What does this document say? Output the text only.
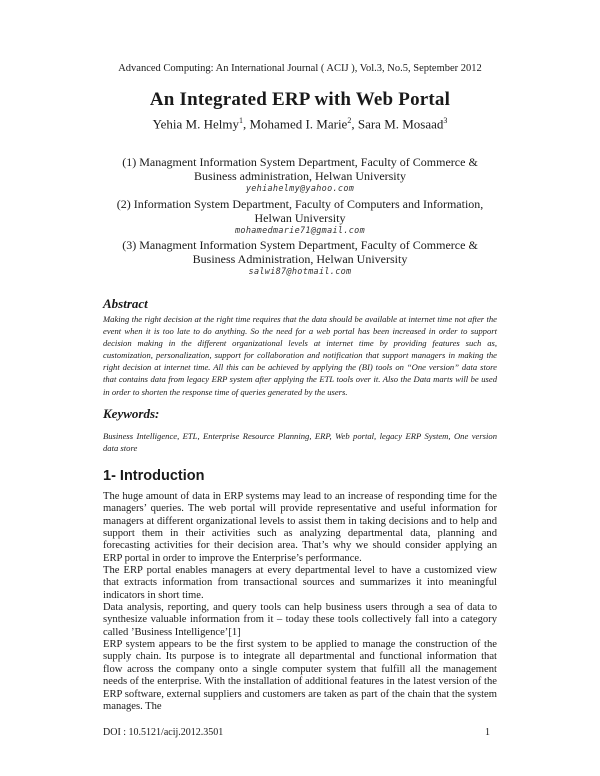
Advanced Computing: An International Journal ( ACIJ ), Vol.3, No.5, September 2012
An Integrated ERP with Web Portal
Yehia M. Helmy$^1$, Mohamed I. Marie$^2$, Sara M. Mosaad$^3$
(1) Managment Information System Department, Faculty of Commerce &
Business administration, Helwan University
yehiahelmy@yahoo.com
(2) Information System Department, Faculty of Computers and Information,
Helwan University
mohamedmarie71@gmail.com
(3) Managment Information System Department, Faculty of Commerce &
Business Administration, Helwan University
salwi87@hotmail.com
Abstract
Making the right decision at the right time requires that the data should be available at internet time not after the event when it is too late to do anything. So the need for a web portal has been increased in order to support decision making in the different organizational levels at internet time by providing features such as, customization, personalization, support for collaboration and notification that support managers in making the right decision at internet time. All this can be achieved by applying the (BI) tools on “One version” data store that contains data from legacy ERP system after applying the ETL tools over it. Also the Data marts will be used in order to shorten the response time of queries generated by the users.
Keywords:
Business Intelligence, ETL, Enterprise Resource Planning, ERP, Web portal, legacy ERP System, One version data store
1- Introduction

The huge amount of data in ERP systems may lead to an increase of responding time for the managers’ queries. The web portal will provide representative and useful information for managers at different organizational levels to assist them in taking decisions and to help and support them in their activities such as analyzing departmental data, planning and forecasting activities for their decision area. That’s why we should consider applying an ERP portal in order to improve the Enterprise’s performance.

The ERP portal enables managers at every departmental level to have a customized view that extracts information from transactional sources and summarizes it into meaningful indicators in short time.

Data analysis, reporting, and query tools can help business users through a sea of data to synthesize valuable information from it – today these tools collectively fall into a category called ’Business Intelligence’[1]

ERP system appears to be the first system to be applied to manage the construction of the supply chain. Its purpose is to integrate all departmental and functional information that flow across the company onto a single computer system that fulfill all the management needs of the enterprise. With the installation of additional features in the latest version of the ERP software, external suppliers and customers are taken as part of the chain that the system manages. The

DOI : 10.5121/acij.2012.3501	1
